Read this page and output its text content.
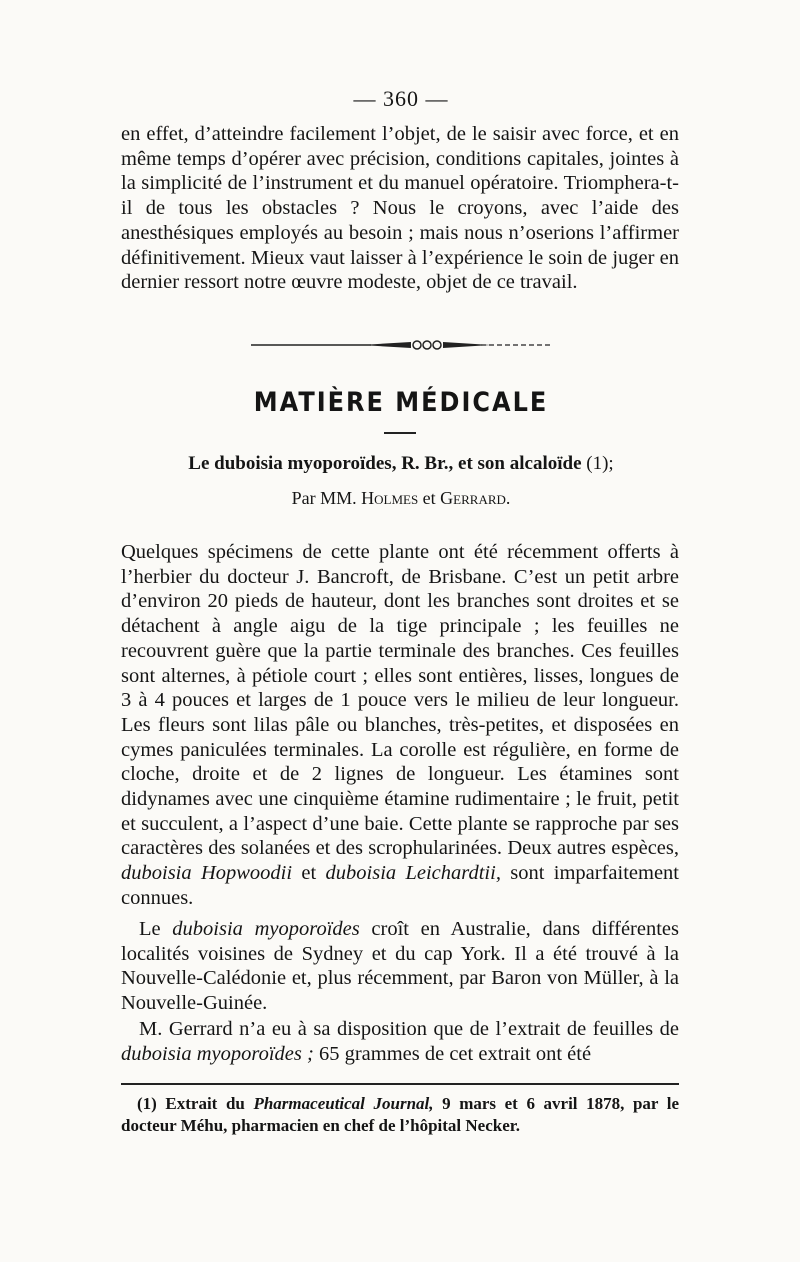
— 360 —

en effet, d’atteindre facilement l’objet, de le saisir avec force, et en même temps d’opérer avec précision, conditions capitales, jointes à la simplicité de l’instrument et du manuel opératoire. Triomphera-t-il de tous les obstacles ? Nous le croyons, avec l’aide des anesthésiques employés au besoin ; mais nous n’oserions l’affirmer définitivement. Mieux vaut laisser à l’expérience le soin de juger en dernier ressort notre œuvre modeste, objet de ce travail.

MATIÈRE MÉDICALE
Le duboisia myoporoïdes, R. Br., et son alcaloïde (1);
Par MM. Holmes et Gerrard.

Quelques spécimens de cette plante ont été récemment offerts à l’herbier du docteur J. Bancroft, de Brisbane. C’est un petit arbre d’environ 20 pieds de hauteur, dont les branches sont droites et se détachent à angle aigu de la tige principale ; les feuilles ne recouvrent guère que la partie terminale des branches. Ces feuilles sont alternes, à pétiole court ; elles sont entières, lisses, longues de 3 à 4 pouces et larges de 1 pouce vers le milieu de leur longueur. Les fleurs sont lilas pâle ou blanches, très-petites, et disposées en cymes paniculées terminales. La corolle est régulière, en forme de cloche, droite et de 2 lignes de longueur. Les étamines sont didynames avec une cinquième étamine rudimentaire ; le fruit, petit et succulent, a l’aspect d’une baie. Cette plante se rapproche par ses caractères des solanées et des scrophularinées. Deux autres espèces, duboisia Hopwoodii et duboisia Leichardtii, sont imparfaitement connues.

Le duboisia myoporoïdes croît en Australie, dans différentes localités voisines de Sydney et du cap York. Il a été trouvé à la Nouvelle-Calédonie et, plus récemment, par Baron von Müller, à la Nouvelle-Guinée.

M. Gerrard n’a eu à sa disposition que de l’extrait de feuilles de duboisia myoporoïdes ; 65 grammes de cet extrait ont été

(1) Extrait du Pharmaceutical Journal, 9 mars et 6 avril 1878, par le docteur Méhu, pharmacien en chef de l’hôpital Necker.
